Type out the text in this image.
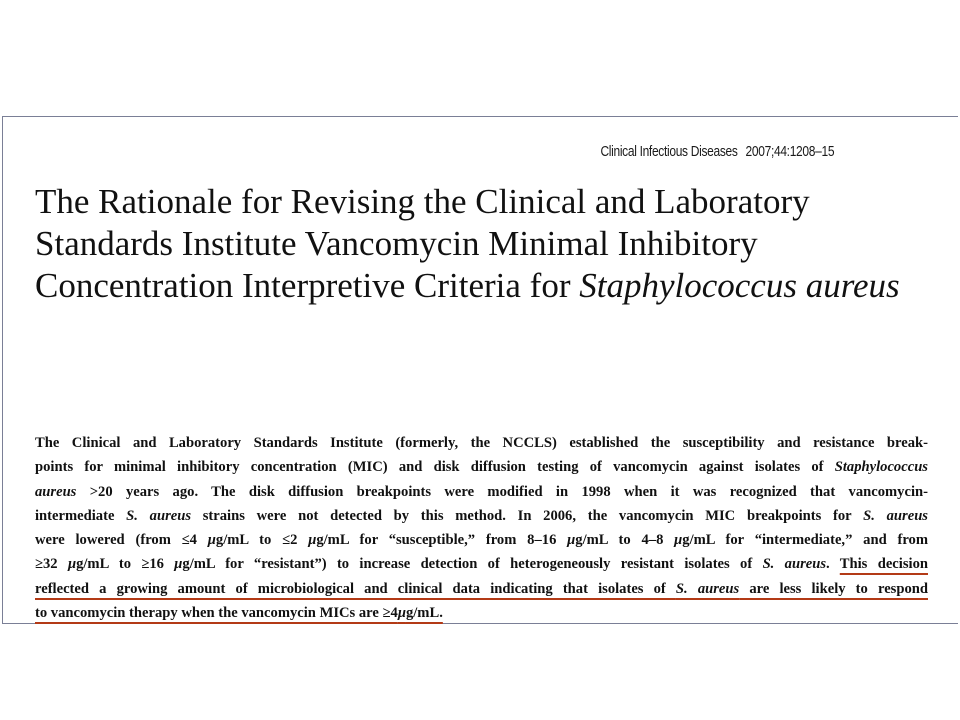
Clinical Infectious Diseases 2007;44:1208–15
The Rationale for Revising the Clinical and Laboratory
Standards Institute Vancomycin Minimal Inhibitory
Concentration Interpretive Criteria for Staphylococcus aureus
The Clinical and Laboratory Standards Institute (formerly, the NCCLS) established the susceptibility and resistance break-
points for minimal inhibitory concentration (MIC) and disk diffusion testing of vancomycin against isolates of Staphylococcus
aureus >20 years ago. The disk diffusion breakpoints were modified in 1998 when it was recognized that vancomycin-
intermediate S. aureus strains were not detected by this method. In 2006, the vancomycin MIC breakpoints for S. aureus
were lowered (from ≤4 μg/mL to ≤2 μg/mL for “susceptible,” from 8–16 μg/mL to 4–8 μg/mL for “intermediate,” and from
≥32 μg/mL to ≥16 μg/mL for “resistant”) to increase detection of heterogeneously resistant isolates of S. aureus. This decision
reflected a growing amount of microbiological and clinical data indicating that isolates of S. aureus are less likely to respond
to vancomycin therapy when the vancomycin MICs are ≥4μg/mL.
